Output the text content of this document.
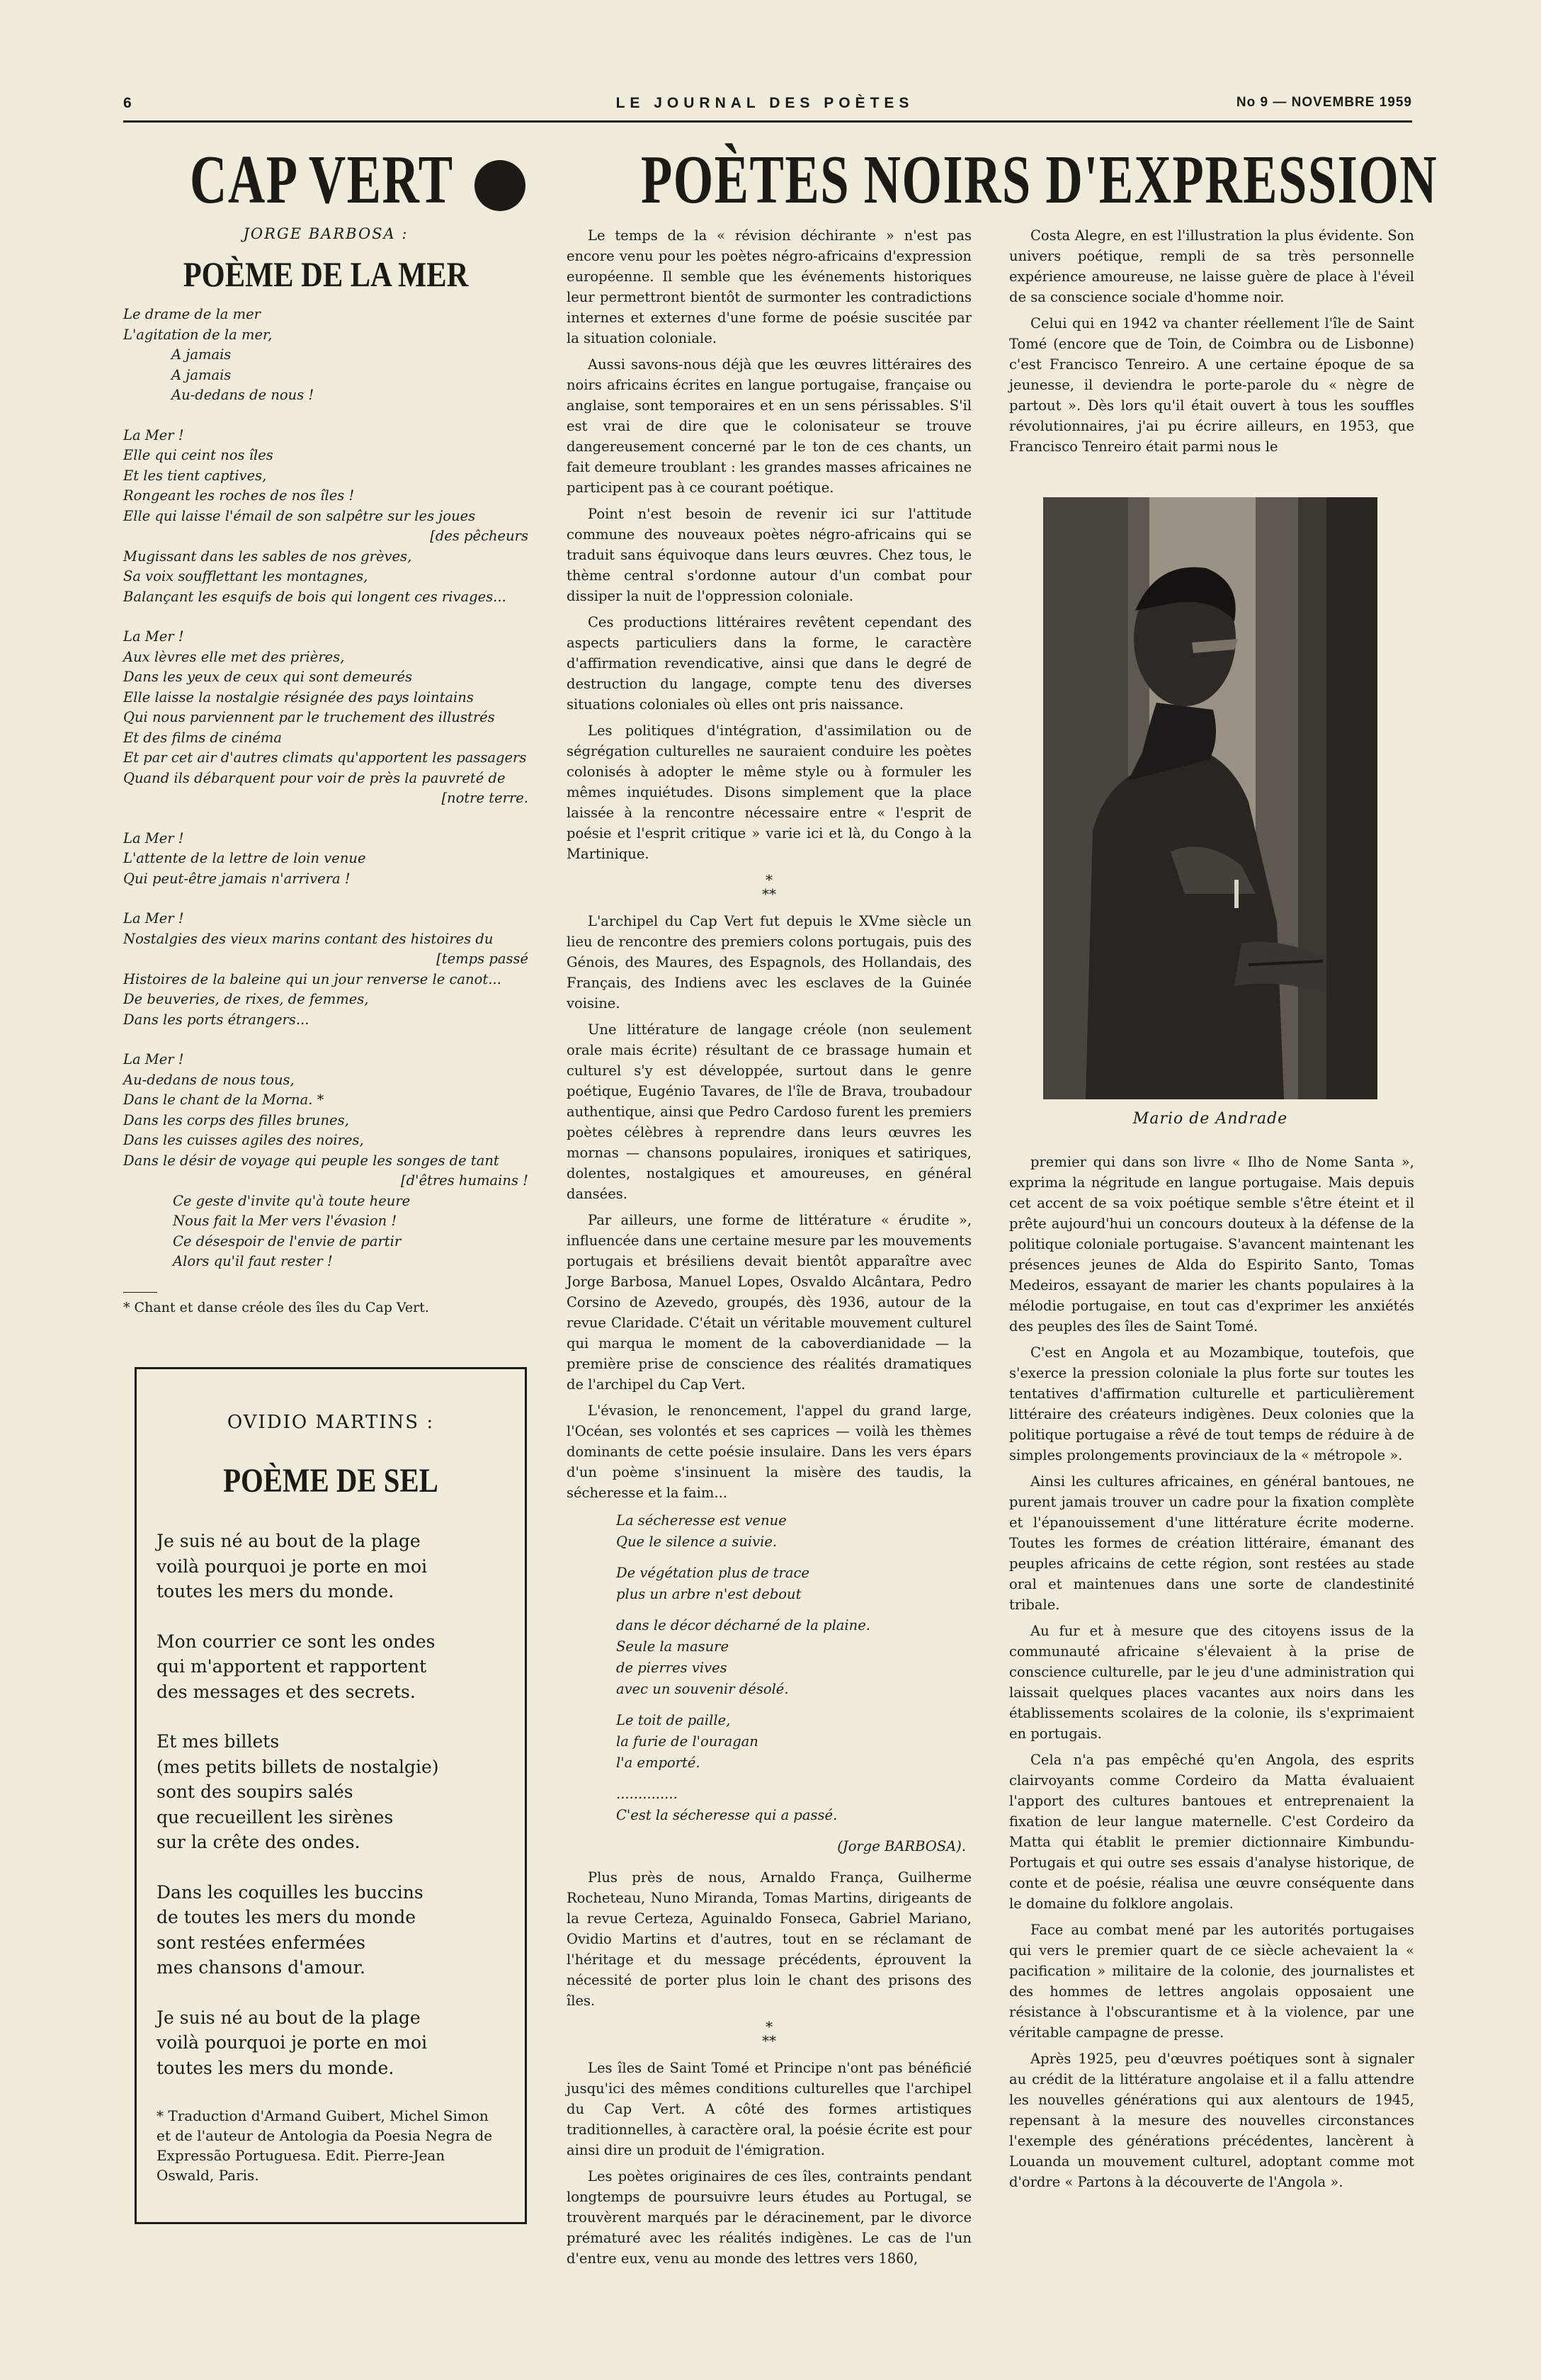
6	LE JOURNAL DES POÈTES	No 9 — NOVEMBRE 1959
CAP VERT	POÈTES NOIRS D'EXPRESSION
JORGE BARBOSA :
POÈME DE LA MER
Le drame de la mer
L'agitation de la mer,
A jamais
A jamais
Au-dedans de nous !
La Mer !
Elle qui ceint nos îles
Et les tient captives,
Rongeant les roches de nos îles !
Elle qui laisse l'émail de son salpêtre sur les joues
[des pêcheurs
Mugissant dans les sables de nos grèves,
Sa voix soufflettant les montagnes,
Balançant les esquifs de bois qui longent ces rivages...
La Mer !
Aux lèvres elle met des prières,
Dans les yeux de ceux qui sont demeurés
Elle laisse la nostalgie résignée des pays lointains
Qui nous parviennent par le truchement des illustrés
Et des films de cinéma
Et par cet air d'autres climats qu'apportent les passagers
Quand ils débarquent pour voir de près la pauvreté de
[notre terre.
La Mer !
L'attente de la lettre de loin venue
Qui peut-être jamais n'arrivera !
La Mer !
Nostalgies des vieux marins contant des histoires du
[temps passé
Histoires de la baleine qui un jour renverse le canot...
De beuveries, de rixes, de femmes,
Dans les ports étrangers...
La Mer !
Au-dedans de nous tous,
Dans le chant de la Morna. *
Dans les corps des filles brunes,
Dans les cuisses agiles des noires,
Dans le désir de voyage qui peuple les songes de tant
[d'êtres humains !
Ce geste d'invite qu'à toute heure
Nous fait la Mer vers l'évasion !
Ce désespoir de l'envie de partir
Alors qu'il faut rester !
* Chant et danse créole des îles du Cap Vert.
OVIDIO MARTINS :
POÈME DE SEL
Je suis né au bout de la plage
voilà pourquoi je porte en moi
toutes les mers du monde.
Mon courrier ce sont les ondes
qui m'apportent et rapportent
des messages et des secrets.
Et mes billets
(mes petits billets de nostalgie)
sont des soupirs salés
que recueillent les sirènes
sur la crête des ondes.
Dans les coquilles les buccins
de toutes les mers du monde
sont restées enfermées
mes chansons d'amour.
Je suis né au bout de la plage
voilà pourquoi je porte en moi
toutes les mers du monde.
* Traduction d'Armand Guibert, Michel Simon et de l'auteur de Antologia da Poesia Negra de Expressão Portuguesa. Edit. Pierre-Jean Oswald, Paris.

Le temps de la « révision déchirante » n'est pas encore venu pour les poètes négro-africains d'expression européenne. Il semble que les événements historiques leur permettront bientôt de surmonter les contradictions internes et externes d'une forme de poésie suscitée par la situation coloniale.

Aussi savons-nous déjà que les œuvres littéraires des noirs africains écrites en langue portugaise, française ou anglaise, sont temporaires et en un sens périssables. S'il est vrai de dire que le colonisateur se trouve dangereusement concerné par le ton de ces chants, un fait demeure troublant : les grandes masses africaines ne participent pas à ce courant poétique.

Point n'est besoin de revenir ici sur l'attitude commune des nouveaux poètes négro-africains qui se traduit sans équivoque dans leurs œuvres. Chez tous, le thème central s'ordonne autour d'un combat pour dissiper la nuit de l'oppression coloniale.

Ces productions littéraires revêtent cependant des aspects particuliers dans la forme, le caractère d'affirmation revendicative, ainsi que dans le degré de destruction du langage, compte tenu des diverses situations coloniales où elles ont pris naissance.

Les politiques d'intégration, d'assimilation ou de ségrégation culturelles ne sauraient conduire les poètes colonisés à adopter le même style ou à formuler les mêmes inquiétudes. Disons simplement que la place laissée à la rencontre nécessaire entre « l'esprit de poésie et l'esprit critique » varie ici et là, du Congo à la Martinique.

*
**

L'archipel du Cap Vert fut depuis le XVme siècle un lieu de rencontre des premiers colons portugais, puis des Génois, des Maures, des Espagnols, des Hollandais, des Français, des Indiens avec les esclaves de la Guinée voisine.

Une littérature de langage créole (non seulement orale mais écrite) résultant de ce brassage humain et culturel s'y est développée, surtout dans le genre poétique, Eugénio Tavares, de l'île de Brava, troubadour authentique, ainsi que Pedro Cardoso furent les premiers poètes célèbres à reprendre dans leurs œuvres les mornas — chansons populaires, ironiques et satiriques, dolentes, nostalgiques et amoureuses, en général dansées.

Par ailleurs, une forme de littérature « érudite », influencée dans une certaine mesure par les mouvements portugais et brésiliens devait bientôt apparaître avec Jorge Barbosa, Manuel Lopes, Osvaldo Alcântara, Pedro Corsino de Azevedo, groupés, dès 1936, autour de la revue Claridade. C'était un véritable mouvement culturel qui marqua le moment de la caboverdianidade — la première prise de conscience des réalités dramatiques de l'archipel du Cap Vert.

L'évasion, le renoncement, l'appel du grand large, l'Océan, ses volontés et ses caprices — voilà les thèmes dominants de cette poésie insulaire. Dans les vers épars d'un poème s'insinuent la misère des taudis, la sécheresse et la faim...

La sécheresse est venue
Que le silence a suivie.
De végétation plus de trace
plus un arbre n'est debout
dans le décor décharné de la plaine.
Seule la masure
de pierres vives
avec un souvenir désolé.
Le toit de paille,
la furie de l'ouragan
l'a emporté.
..............
C'est la sécheresse qui a passé.
(Jorge BARBOSA).

Plus près de nous, Arnaldo França, Guilherme Rocheteau, Nuno Miranda, Tomas Martins, dirigeants de la revue Certeza, Aguinaldo Fonseca, Gabriel Mariano, Ovidio Martins et d'autres, tout en se réclamant de l'héritage et du message précédents, éprouvent la nécessité de porter plus loin le chant des prisons des îles.

*
**

Les îles de Saint Tomé et Principe n'ont pas bénéficié jusqu'ici des mêmes conditions culturelles que l'archipel du Cap Vert. A côté des formes artistiques traditionnelles, à caractère oral, la poésie écrite est pour ainsi dire un produit de l'émigration.

Les poètes originaires de ces îles, contraints pendant longtemps de poursuivre leurs études au Portugal, se trouvèrent marqués par le déracinement, par le divorce prématuré avec les réalités indigènes. Le cas de l'un d'entre eux, venu au monde des lettres vers 1860,

Costa Alegre, en est l'illustration la plus évidente. Son univers poétique, rempli de sa très personnelle expérience amoureuse, ne laisse guère de place à l'éveil de sa conscience sociale d'homme noir.

Celui qui en 1942 va chanter réellement l'île de Saint Tomé (encore que de Toin, de Coimbra ou de Lisbonne) c'est Francisco Tenreiro. A une certaine époque de sa jeunesse, il deviendra le porte-parole du « nègre de partout ». Dès lors qu'il était ouvert à tous les souffles révolutionnaires, j'ai pu écrire ailleurs, en 1953, que Francisco Tenreiro était parmi nous le

Mario de Andrade

premier qui dans son livre « Ilho de Nome Santa », exprima la négritude en langue portugaise. Mais depuis cet accent de sa voix poétique semble s'être éteint et il prête aujourd'hui un concours douteux à la défense de la politique coloniale portugaise. S'avancent maintenant les présences jeunes de Alda do Espirito Santo, Tomas Medeiros, essayant de marier les chants populaires à la mélodie portugaise, en tout cas d'exprimer les anxiétés des peuples des îles de Saint Tomé.

C'est en Angola et au Mozambique, toutefois, que s'exerce la pression coloniale la plus forte sur toutes les tentatives d'affirmation culturelle et particulièrement littéraire des créateurs indigènes. Deux colonies que la politique portugaise a rêvé de tout temps de réduire à de simples prolongements provinciaux de la « métropole ».

Ainsi les cultures africaines, en général bantoues, ne purent jamais trouver un cadre pour la fixation complète et l'épanouissement d'une littérature écrite moderne. Toutes les formes de création littéraire, émanant des peuples africains de cette région, sont restées au stade oral et maintenues dans une sorte de clandestinité tribale.

Au fur et à mesure que des citoyens issus de la communauté africaine s'élevaient à la prise de conscience culturelle, par le jeu d'une administration qui laissait quelques places vacantes aux noirs dans les établissements scolaires de la colonie, ils s'exprimaient en portugais.

Cela n'a pas empêché qu'en Angola, des esprits clairvoyants comme Cordeiro da Matta évaluaient l'apport des cultures bantoues et entreprenaient la fixation de leur langue maternelle. C'est Cordeiro da Matta qui établit le premier dictionnaire Kimbundu-Portugais et qui outre ses essais d'analyse historique, de conte et de poésie, réalisa une œuvre conséquente dans le domaine du folklore angolais.

Face au combat mené par les autorités portugaises qui vers le premier quart de ce siècle achevaient la « pacification » militaire de la colonie, des journalistes et des hommes de lettres angolais opposaient une résistance à l'obscurantisme et à la violence, par une véritable campagne de presse.

Après 1925, peu d'œuvres poétiques sont à signaler au crédit de la littérature angolaise et il a fallu attendre les nouvelles générations qui aux alentours de 1945, repensant à la mesure des nouvelles circonstances l'exemple des générations précédentes, lancèrent à Louanda un mouvement culturel, adoptant comme mot d'ordre « Partons à la découverte de l'Angola ».
